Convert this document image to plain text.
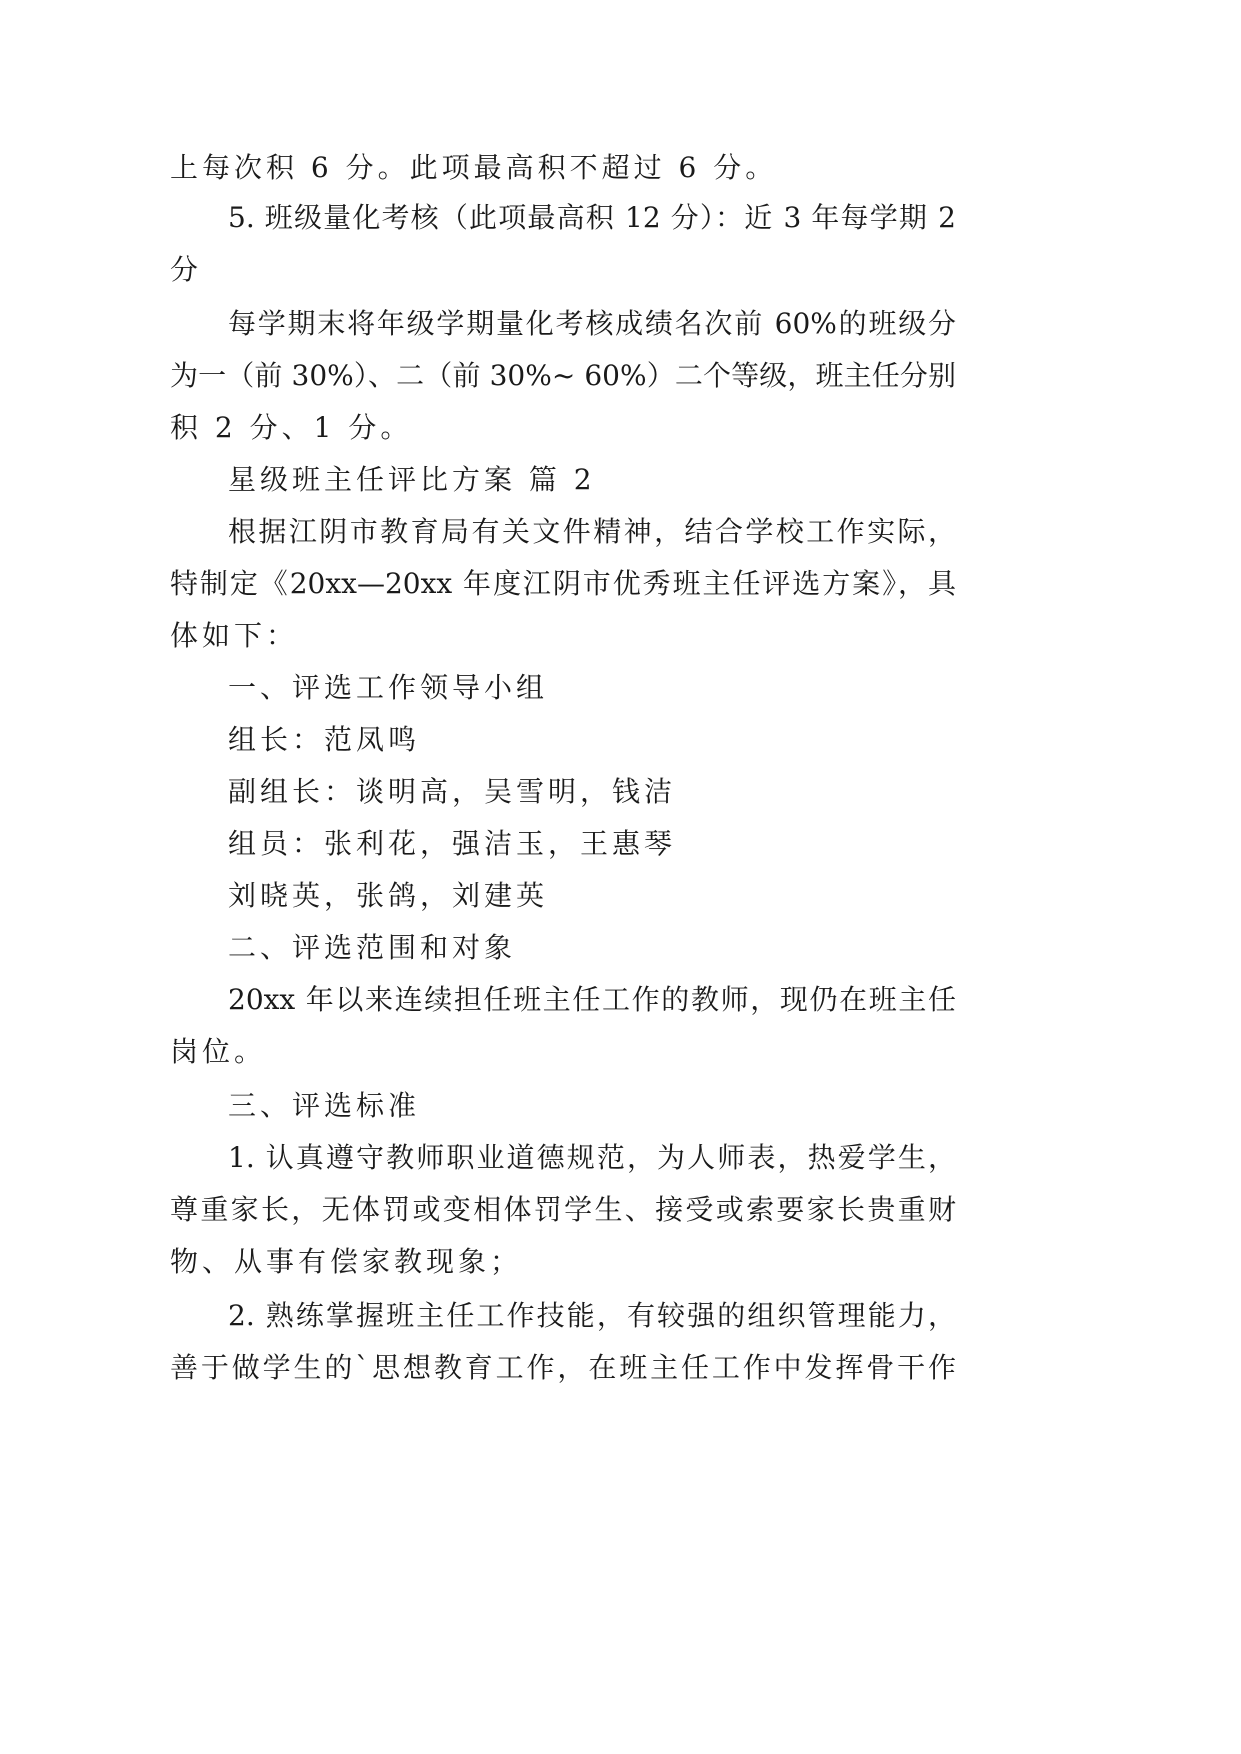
上每次积 6 分。此项最高积不超过 6 分。
5. 班级量化考核（此项最高积 12 分）：近 3 年每学期 2
分
每学期末将年级学期量化考核成绩名次前 60%的班级分
为一（前 30%）、二（前 30%~ 60%）二个等级，班主任分别
积 2 分、1 分。
星级班主任评比方案 篇 2
根据江阴市教育局有关文件精神，结合学校工作实际，
特制定《20xx—20xx 年度江阴市优秀班主任评选方案》，具
体如下：
一、评选工作领导小组
组长：范凤鸣
副组长：谈明高，吴雪明，钱洁
组员：张利花，强洁玉，王惠琴
刘晓英，张鸽，刘建英
二、评选范围和对象
20xx 年以来连续担任班主任工作的教师，现仍在班主任
岗位。
三、评选标准
1. 认真遵守教师职业道德规范，为人师表，热爱学生，
尊重家长，无体罚或变相体罚学生、接受或索要家长贵重财
物、从事有偿家教现象；
2. 熟练掌握班主任工作技能，有较强的组织管理能力，
善于做学生的`思想教育工作，在班主任工作中发挥骨干作
